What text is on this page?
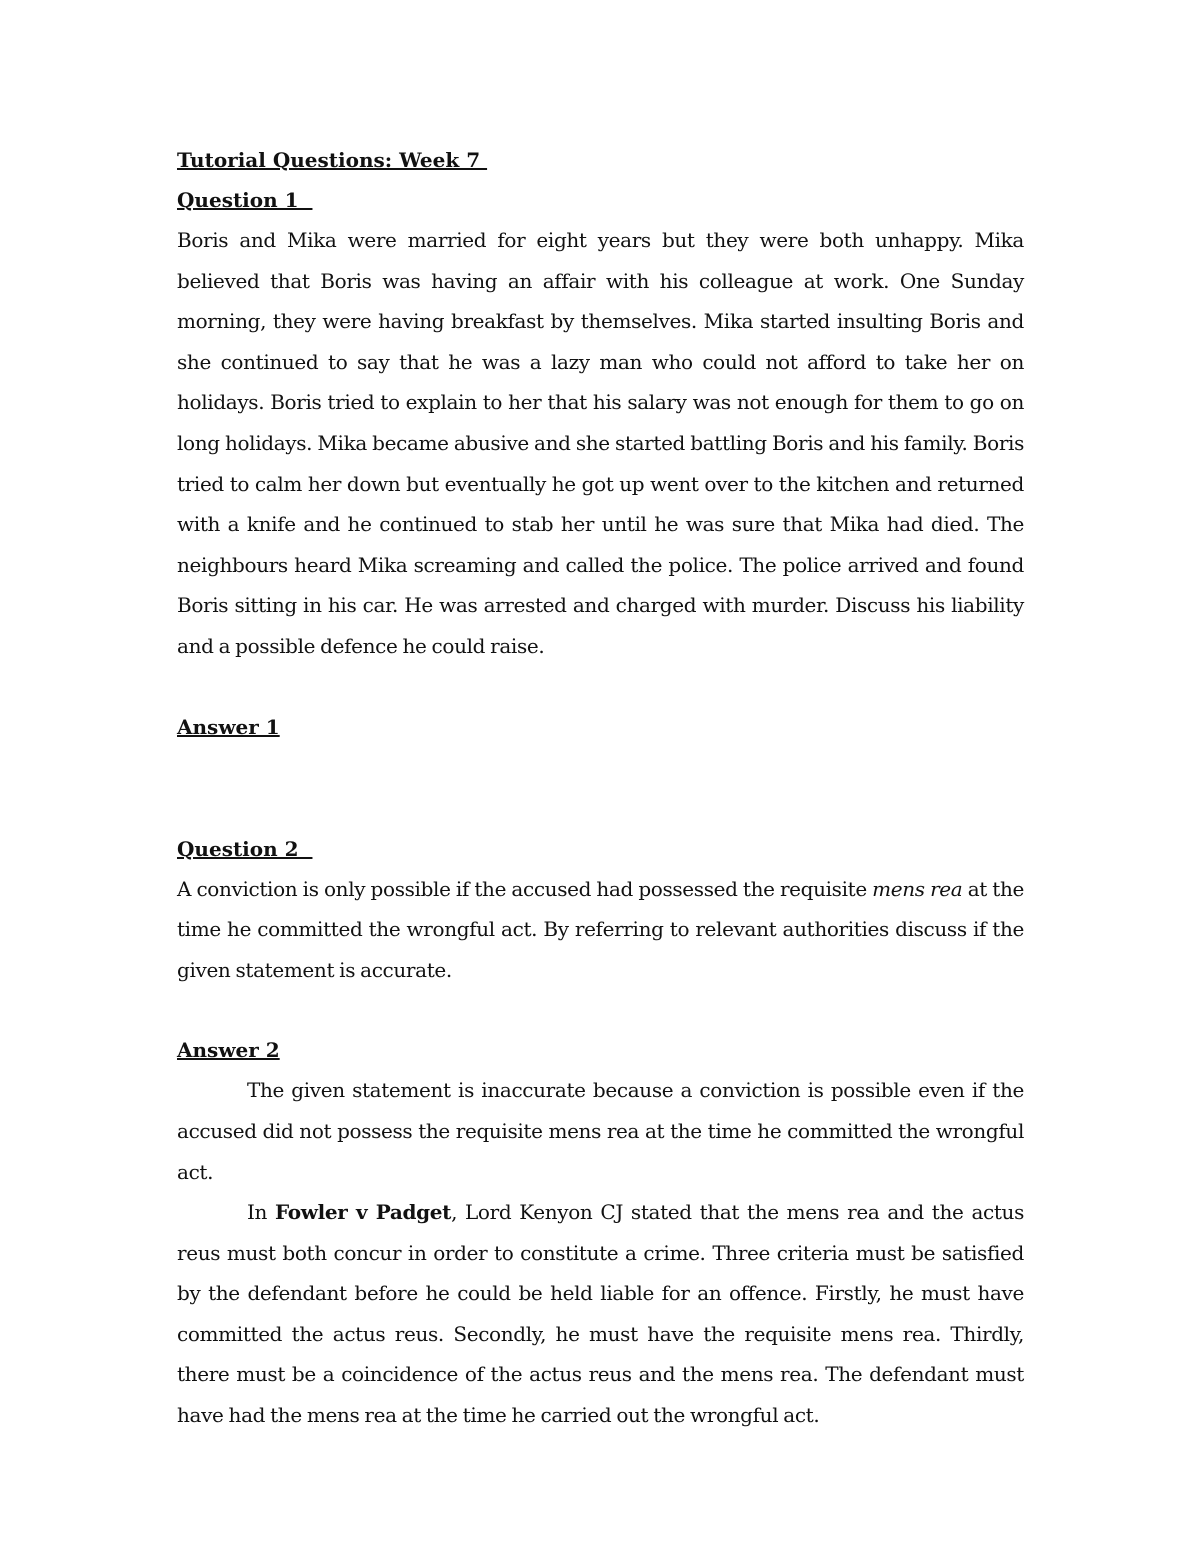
Tutorial Questions: Week 7

Question 1

Boris and Mika were married for eight years but they were both unhappy. Mika believed that Boris was having an affair with his colleague at work. One Sunday morning, they were having breakfast by themselves. Mika started insulting Boris and she continued to say that he was a lazy man who could not afford to take her on holidays. Boris tried to explain to her that his salary was not enough for them to go on long holidays. Mika became abusive and she started battling Boris and his family. Boris tried to calm her down but eventually he got up went over to the kitchen and returned with a knife and he continued to stab her until he was sure that Mika had died. The neighbours heard Mika screaming and called the police. The police arrived and found Boris sitting in his car. He was arrested and charged with murder. Discuss his liability and a possible defence he could raise.

Answer 1

Question 2

A conviction is only possible if the accused had possessed the requisite mens rea at the time he committed the wrongful act. By referring to relevant authorities discuss if the given statement is accurate.

Answer 2

The given statement is inaccurate because a conviction is possible even if the accused did not possess the requisite mens rea at the time he committed the wrongful act.

In Fowler v Padget, Lord Kenyon CJ stated that the mens rea and the actus reus must both concur in order to constitute a crime. Three criteria must be satisfied by the defendant before he could be held liable for an offence. Firstly, he must have committed the actus reus. Secondly, he must have the requisite mens rea. Thirdly, there must be a coincidence of the actus reus and the mens rea. The defendant must have had the mens rea at the time he carried out the wrongful act.
